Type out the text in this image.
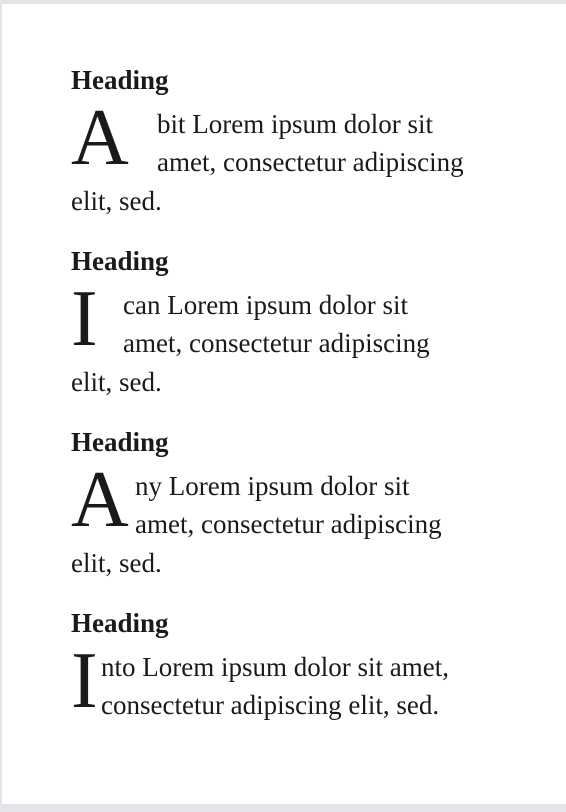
Heading
A bit Lorem ipsum dolor sit
amet, consectetur adipiscing
elit, sed.
Heading
I can Lorem ipsum dolor sit
amet, consectetur adipiscing
elit, sed.
Heading
A ny Lorem ipsum dolor sit
amet, consectetur adipiscing
elit, sed.
Heading
I nto Lorem ipsum dolor sit amet,
consectetur adipiscing elit, sed.
